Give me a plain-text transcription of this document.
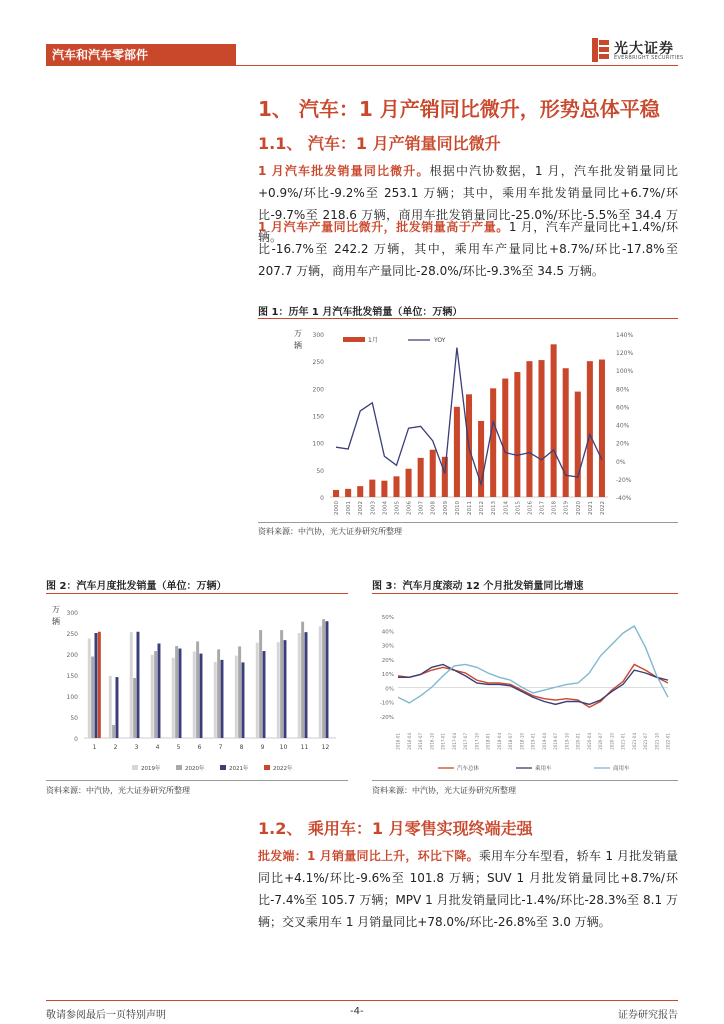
汽车和汽车零部件	光大证券
EVERBRIGHT SECURITIES
1、 汽车：1 月产销同比微升，形势总体平稳
1.1、 汽车：1 月产销量同比微升
1 月汽车批发销量同比微升。根据中汽协数据，1 月，汽车批发销量同比+0.9%/环比-9.2%至 253.1 万辆；其中，乘用车批发销量同比+6.7%/环比-9.7%至 218.6 万辆，商用车批发销量同比-25.0%/环比-5.5%至 34.4 万辆。
1 月汽车产量同比微升，批发销量高于产量。1 月，汽车产量同比+1.4%/环比-16.7%至 242.2 万辆，其中，乘用车产量同比+8.7%/环比-17.8%至 207.7 万辆，商用车产量同比-28.0%/环比-9.3%至 34.5 万辆。
图 1：历年 1 月汽车批发销量（单位：万辆）
万
辆
0
50
100
150
200
250
300
-40%
-20%
0%
20%
40%
60%
80%
100%
120%
140%
2000 2001 2002 2003 2004 2005 2006 2007 2008 2009 2010 2011 2012 2013 2014 2015 2016 2017 2018 2019 2020 2021 2022
1月	YOY
资料来源：中汽协，光大证券研究所整理
图 2：汽车月度批发销量（单位：万辆）
万
辆
0
50
100
150
200
250
300
1	2	3	4	5	6	7	8	9	10 11 12
2019年	2020年	2021年	2022年
资料来源：中汽协，光大证券研究所整理
图 3：汽车月度滚动 12 个月批发销量同比增速
-20%
-10%
0%
10%
20%
30%
40%
50%
2016-01 2016-04 2016-07 2016-10 2017-01 2017-04 2017-07 2017-10 2018-01 2018-04 2018-07 2018-10 2019-01 2019-04 2019-07 2019-10 2020-01 2020-04 2020-07 2020-10 2021-01 2021-04 2021-07 2021-10 2022-01
汽车总体	乘用车	商用车
资料来源：中汽协，光大证券研究所整理
1.2、 乘用车：1 月零售实现终端走强
批发端：1 月销量同比上升，环比下降。乘用车分车型看，轿车 1 月批发销量同比+4.1%/环比-9.6%至 101.8 万辆；SUV 1 月批发销量同比+8.7%/环比-7.4%至 105.7 万辆；MPV 1 月批发销量同比-1.4%/环比-28.3%至 8.1 万辆；交叉乘用车 1 月销量同比+78.0%/环比-26.8%至 3.0 万辆。
敬请参阅最后一页特别声明	-4-	证券研究报告
